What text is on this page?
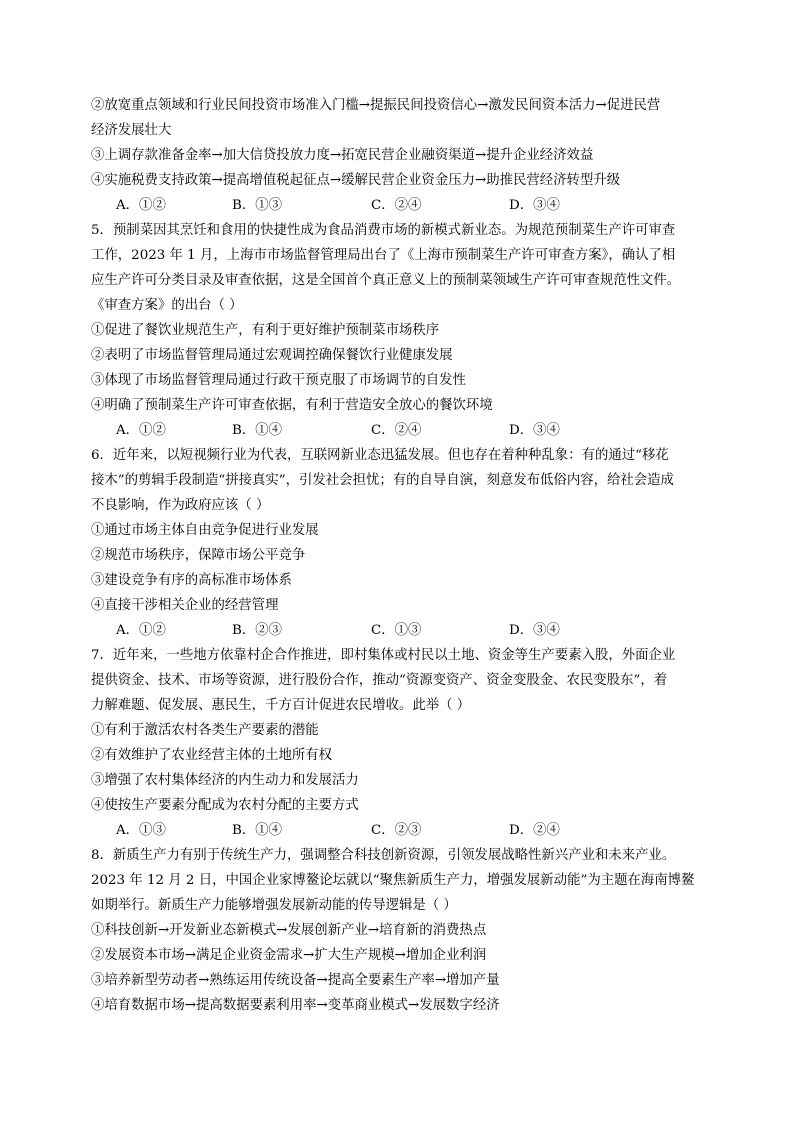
②放宽重点领域和行业民间投资市场准入门槛→提振民间投资信心→激发民间资本活力→促进民营
经济发展壮大
③上调存款准备金率→加大信贷投放力度→拓宽民营企业融资渠道→提升企业经济效益
④实施税费支持政策→提高增值税起征点→缓解民营企业资金压力→助推民营经济转型升级
A．①②	B．①③	C．②④	D．③④
5．预制菜因其烹饪和食用的快捷性成为食品消费市场的新模式新业态。为规范预制菜生产许可审查
工作，2023 年 1 月，上海市市场监督管理局出台了《上海市预制菜生产许可审查方案》，确认了相
应生产许可分类目录及审查依据，这是全国首个真正意义上的预制菜领域生产许可审查规范性文件。
《审查方案》的出台（ ）
①促进了餐饮业规范生产，有利于更好维护预制菜市场秩序
②表明了市场监督管理局通过宏观调控确保餐饮行业健康发展
③体现了市场监督管理局通过行政干预克服了市场调节的自发性
④明确了预制菜生产许可审查依据，有利于营造安全放心的餐饮环境
A．①②	B．①④	C．②④	D．③④
6．近年来，以短视频行业为代表，互联网新业态迅猛发展。但也存在着种种乱象：有的通过“移花
接木”的剪辑手段制造“拼接真实”，引发社会担忧；有的自导自演，刻意发布低俗内容，给社会造成
不良影响，作为政府应该（ ）
①通过市场主体自由竞争促进行业发展
②规范市场秩序，保障市场公平竞争
③建设竞争有序的高标准市场体系
④直接干涉相关企业的经营管理
A．①②	B．②③	C．①③	D．③④
7．近年来，一些地方依靠村企合作推进，即村集体或村民以土地、资金等生产要素入股，外面企业
提供资金、技术、市场等资源，进行股份合作，推动“资源变资产、资金变股金、农民变股东”，着
力解难题、促发展、惠民生，千方百计促进农民增收。此举（ ）
①有利于激活农村各类生产要素的潜能
②有效维护了农业经营主体的土地所有权
③增强了农村集体经济的内生动力和发展活力
④使按生产要素分配成为农村分配的主要方式
A．①③	B．①④	C．②③	D．②④
8．新质生产力有别于传统生产力，强调整合科技创新资源，引领发展战略性新兴产业和未来产业。
2023 年 12 月 2 日，中国企业家博鳌论坛就以“聚焦新质生产力，增强发展新动能”为主题在海南博鳌
如期举行。新质生产力能够增强发展新动能的传导逻辑是（ ）
①科技创新→开发新业态新模式→发展创新产业→培育新的消费热点
②发展资本市场→满足企业资金需求→扩大生产规模→增加企业利润
③培养新型劳动者→熟练运用传统设备→提高全要素生产率→增加产量
④培育数据市场→提高数据要素利用率→变革商业模式→发展数字经济
